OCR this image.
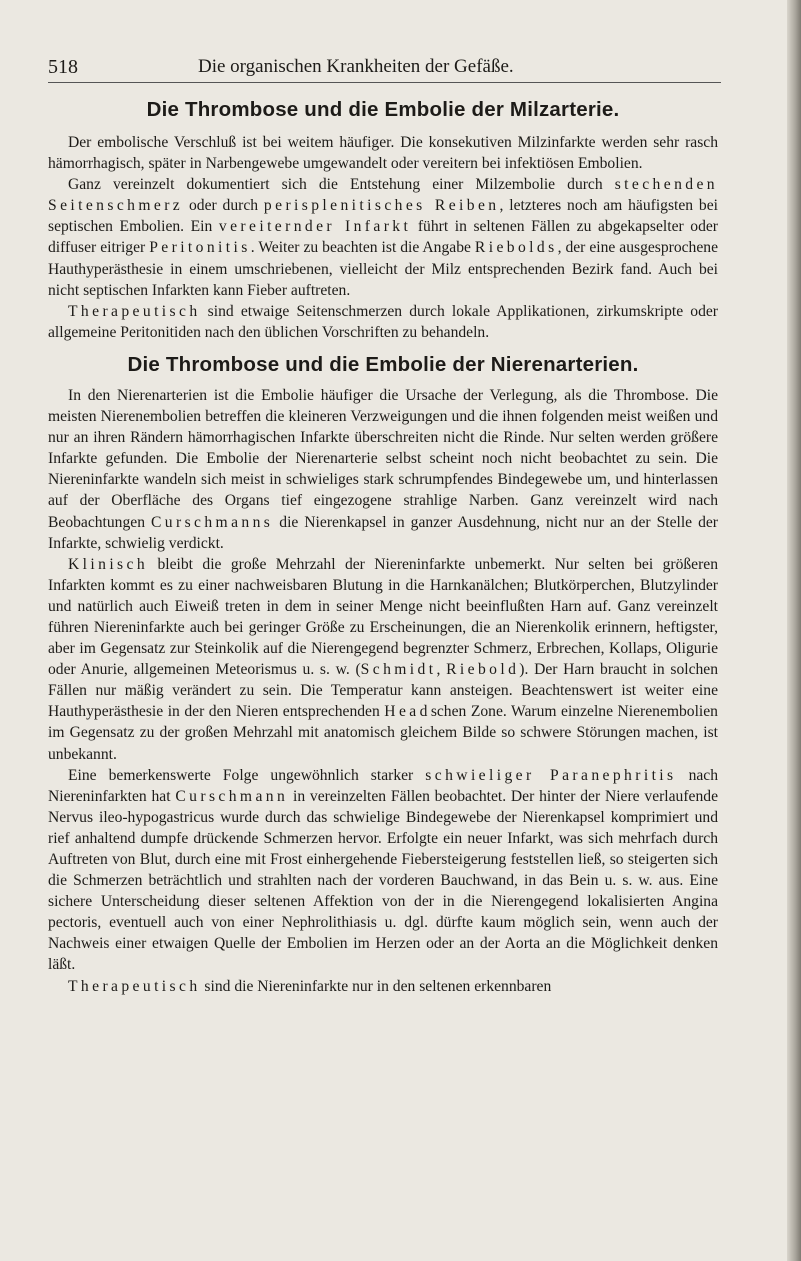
518	Die organischen Krankheiten der Gefäße.
Die Thrombose und die Embolie der Milzarterie.

Der embolische Verschluß ist bei weitem häufiger. Die konsekutiven Milzinfarkte werden sehr rasch hämorrhagisch, später in Narbengewebe umgewandelt oder vereitern bei infektiösen Embolien.

Ganz vereinzelt dokumentiert sich die Entstehung einer Milzembolie durch stechenden Seitenschmerz oder durch perisplenitisches Reiben, letzteres noch am häufigsten bei septischen Embolien. Ein vereiternder Infarkt führt in seltenen Fällen zu abgekapselter oder diffuser eitriger Peritonitis. Weiter zu beachten ist die Angabe Riebolds, der eine ausgesprochene Hauthyperästhesie in einem umschriebenen, vielleicht der Milz entsprechenden Bezirk fand. Auch bei nicht septischen Infarkten kann Fieber auftreten.

Therapeutisch sind etwaige Seitenschmerzen durch lokale Applikationen, zirkumskripte oder allgemeine Peritonitiden nach den üblichen Vorschriften zu behandeln.

Die Thrombose und die Embolie der Nierenarterien.

In den Nierenarterien ist die Embolie häufiger die Ursache der Verlegung, als die Thrombose. Die meisten Nierenembolien betreffen die kleineren Verzweigungen und die ihnen folgenden meist weißen und nur an ihren Rändern hämorrhagischen Infarkte überschreiten nicht die Rinde. Nur selten werden größere Infarkte gefunden. Die Embolie der Nierenarterie selbst scheint noch nicht beobachtet zu sein. Die Niereninfarkte wandeln sich meist in schwieliges stark schrumpfendes Bindegewebe um, und hinterlassen auf der Oberfläche des Organs tief eingezogene strahlige Narben. Ganz vereinzelt wird nach Beobachtungen Curschmanns die Nierenkapsel in ganzer Ausdehnung, nicht nur an der Stelle der Infarkte, schwielig verdickt.

Klinisch bleibt die große Mehrzahl der Niereninfarkte unbemerkt. Nur selten bei größeren Infarkten kommt es zu einer nachweisbaren Blutung in die Harnkanälchen; Blutkörperchen, Blutzylinder und natürlich auch Eiweiß treten in dem in seiner Menge nicht beeinflußten Harn auf. Ganz vereinzelt führen Niereninfarkte auch bei geringer Größe zu Erscheinungen, die an Nierenkolik erinnern, heftigster, aber im Gegensatz zur Steinkolik auf die Nierengegend begrenzter Schmerz, Erbrechen, Kollaps, Oligurie oder Anurie, allgemeinen Meteorismus u. s. w. (Schmidt, Riebold). Der Harn braucht in solchen Fällen nur mäßig verändert zu sein. Die Temperatur kann ansteigen. Beachtenswert ist weiter eine Hauthyperästhesie in der den Nieren entsprechenden Headschen Zone. Warum einzelne Nierenembolien im Gegensatz zu der großen Mehrzahl mit anatomisch gleichem Bilde so schwere Störungen machen, ist unbekannt.

Eine bemerkenswerte Folge ungewöhnlich starker schwieliger Paranephritis nach Niereninfarkten hat Curschmann in vereinzelten Fällen beobachtet. Der hinter der Niere verlaufende Nervus ileo-hypogastricus wurde durch das schwielige Bindegewebe der Nierenkapsel komprimiert und rief anhaltend dumpfe drückende Schmerzen hervor. Erfolgte ein neuer Infarkt, was sich mehrfach durch Auftreten von Blut, durch eine mit Frost einhergehende Fiebersteigerung feststellen ließ, so steigerten sich die Schmerzen beträchtlich und strahlten nach der vorderen Bauchwand, in das Bein u. s. w. aus. Eine sichere Unterscheidung dieser seltenen Affektion von der in die Nierengegend lokalisierten Angina pectoris, eventuell auch von einer Nephrolithiasis u. dgl. dürfte kaum möglich sein, wenn auch der Nachweis einer etwaigen Quelle der Embolien im Herzen oder an der Aorta an die Möglichkeit denken läßt.

Therapeutisch sind die Niereninfarkte nur in den seltenen erkennbaren
